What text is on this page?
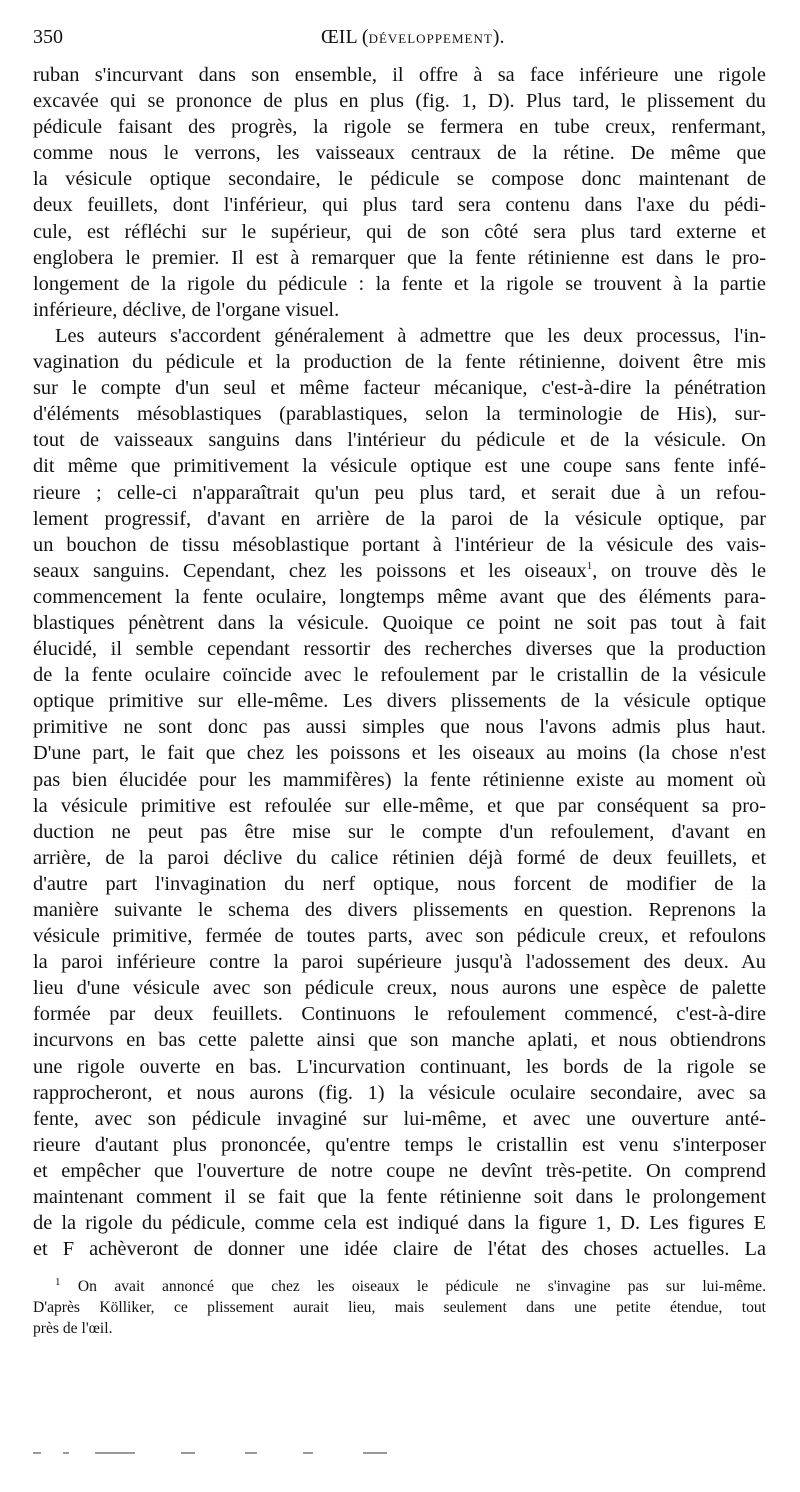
350	ŒIL (DÉVELOPPEMENT).
ruban s'incurvant dans son ensemble, il offre à sa face inférieure une rigole
excavée qui se prononce de plus en plus (fig. 1, D). Plus tard, le plissement du
pédicule faisant des progrès, la rigole se fermera en tube creux, renfermant,
comme nous le verrons, les vaisseaux centraux de la rétine. De même que
la vésicule optique secondaire, le pédicule se compose donc maintenant de
deux feuillets, dont l'inférieur, qui plus tard sera contenu dans l'axe du pédi-
cule, est réfléchi sur le supérieur, qui de son côté sera plus tard externe et
englobera le premier. Il est à remarquer que la fente rétinienne est dans le pro-
longement de la rigole du pédicule : la fente et la rigole se trouvent à la partie
inférieure, déclive, de l'organe visuel.
Les auteurs s'accordent généralement à admettre que les deux processus, l'in-
vagination du pédicule et la production de la fente rétinienne, doivent être mis
sur le compte d'un seul et même facteur mécanique, c'est-à-dire la pénétration
d'éléments mésoblastiques (parablastiques, selon la terminologie de His), sur-
tout de vaisseaux sanguins dans l'intérieur du pédicule et de la vésicule. On
dit même que primitivement la vésicule optique est une coupe sans fente infé-
rieure ; celle-ci n'apparaîtrait qu'un peu plus tard, et serait due à un refou-
lement progressif, d'avant en arrière de la paroi de la vésicule optique, par
un bouchon de tissu mésoblastique portant à l'intérieur de la vésicule des vais-
seaux sanguins. Cependant, chez les poissons et les oiseaux$^1$, on trouve dès le
commencement la fente oculaire, longtemps même avant que des éléments para-
blastiques pénètrent dans la vésicule. Quoique ce point ne soit pas tout à fait
élucidé, il semble cependant ressortir des recherches diverses que la production
de la fente oculaire coïncide avec le refoulement par le cristallin de la vésicule
optique primitive sur elle-même. Les divers plissements de la vésicule optique
primitive ne sont donc pas aussi simples que nous l'avons admis plus haut.
D'une part, le fait que chez les poissons et les oiseaux au moins (la chose n'est
pas bien élucidée pour les mammifères) la fente rétinienne existe au moment où
la vésicule primitive est refoulée sur elle-même, et que par conséquent sa pro-
duction ne peut pas être mise sur le compte d'un refoulement, d'avant en
arrière, de la paroi déclive du calice rétinien déjà formé de deux feuillets, et
d'autre part l'invagination du nerf optique, nous forcent de modifier de la
manière suivante le schema des divers plissements en question. Reprenons la
vésicule primitive, fermée de toutes parts, avec son pédicule creux, et refoulons
la paroi inférieure contre la paroi supérieure jusqu'à l'adossement des deux. Au
lieu d'une vésicule avec son pédicule creux, nous aurons une espèce de palette
formée par deux feuillets. Continuons le refoulement commencé, c'est-à-dire
incurvons en bas cette palette ainsi que son manche aplati, et nous obtiendrons
une rigole ouverte en bas. L'incurvation continuant, les bords de la rigole se
rapprocheront, et nous aurons (fig. 1) la vésicule oculaire secondaire, avec sa
fente, avec son pédicule invaginé sur lui-même, et avec une ouverture anté-
rieure d'autant plus prononcée, qu'entre temps le cristallin est venu s'interposer
et empêcher que l'ouverture de notre coupe ne devînt très-petite. On comprend
maintenant comment il se fait que la fente rétinienne soit dans le prolongement
de la rigole du pédicule, comme cela est indiqué dans la figure 1, D. Les figures E
et F achèveront de donner une idée claire de l'état des choses actuelles. La
$^1$ On avait annoncé que chez les oiseaux le pédicule ne s'invagine pas sur lui-même.
D'après Kölliker, ce plissement aurait lieu, mais seulement dans une petite étendue, tout
près de l'œil.
